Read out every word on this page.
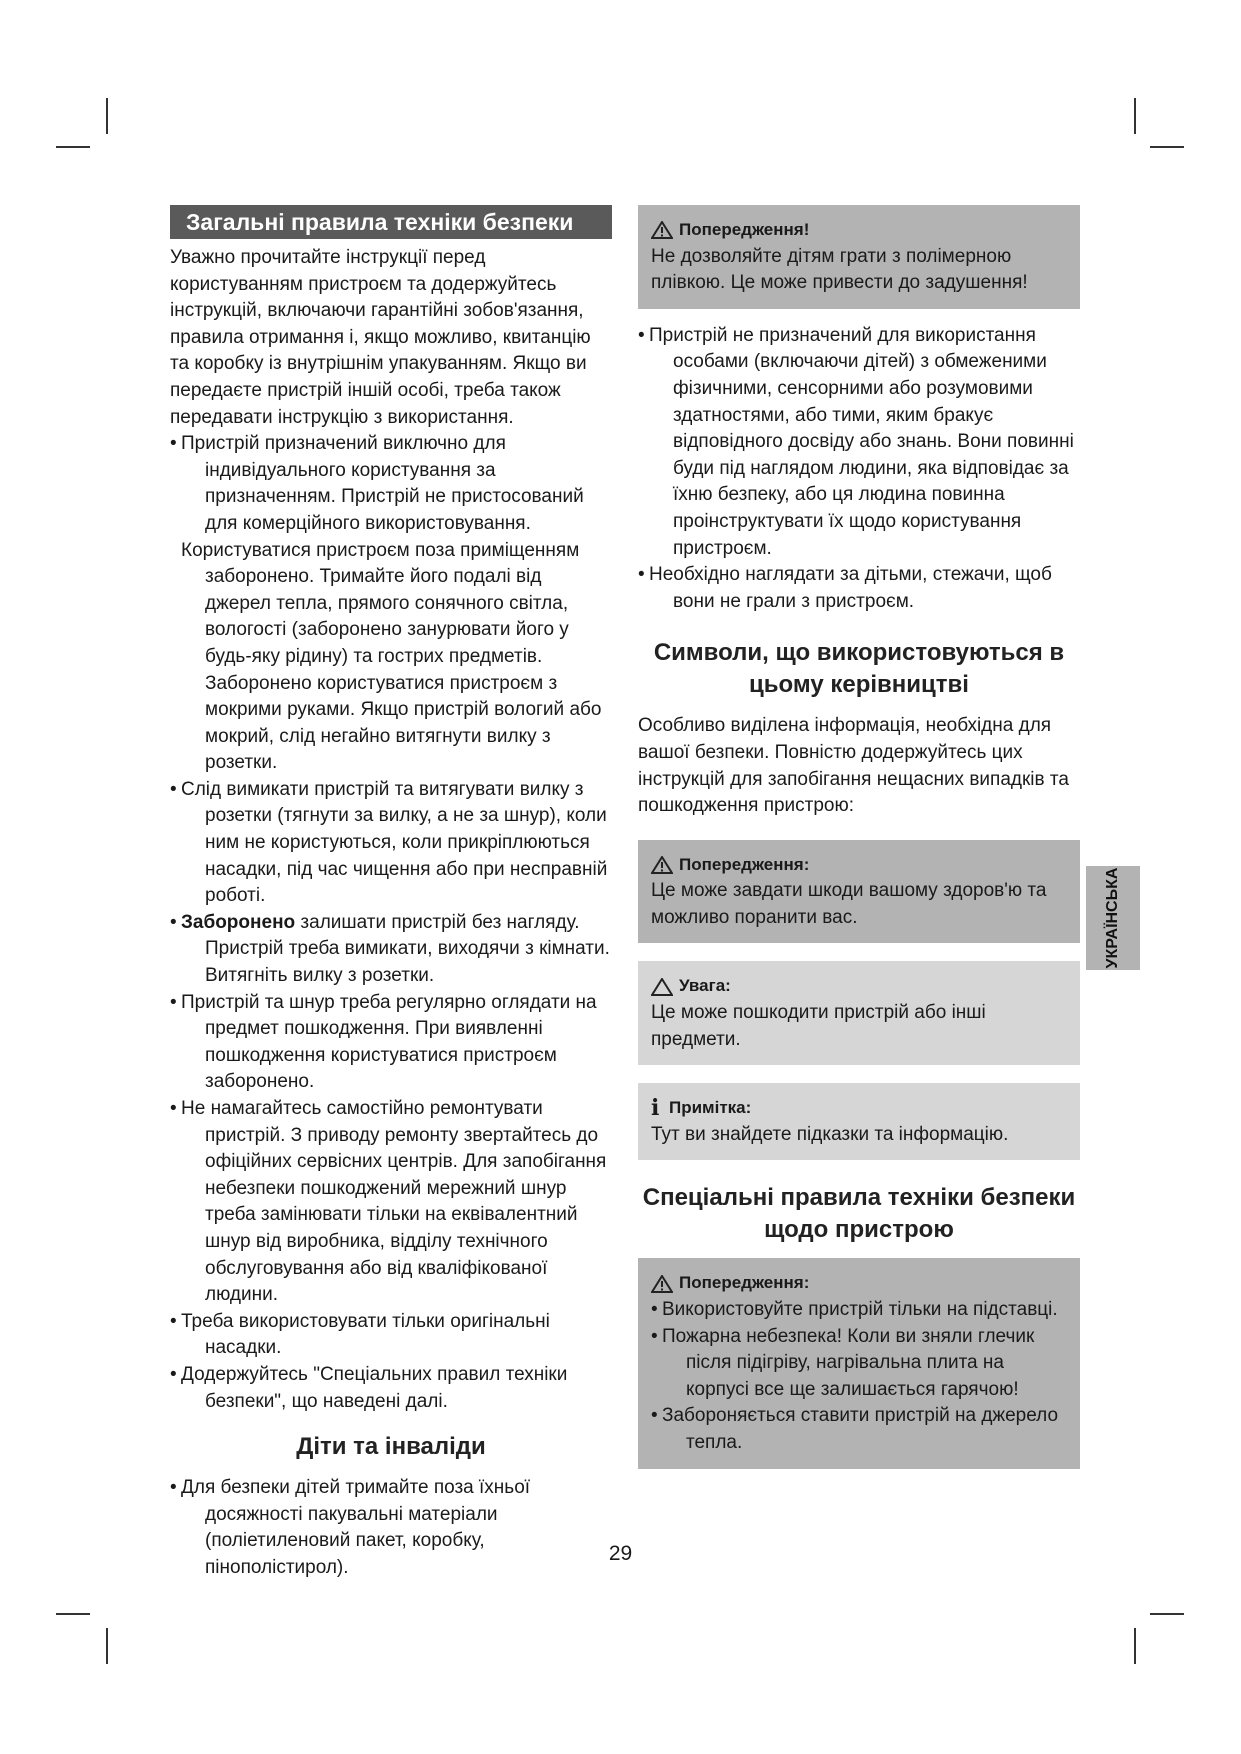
Загальні правила техніки безпеки

Уважно прочитайте інструкції перед користуванням пристроєм та додержуйтесь інструкцій, включаючи гарантійні зобов'язання, правила отримання і, якщо можливо, квитанцію та коробку із внутрішнім упакуванням. Якщо ви передаєте пристрій іншій особі, треба також передавати інструкцію з використання.

• Пристрій призначений виключно для індивідуального користування за призначенням. Пристрій не пристосований для комерційного використовування.
Користуватися пристроєм поза приміщенням заборонено. Тримайте його подалі від джерел тепла, прямого сонячного світла, вологості (заборонено занурювати його у будь-яку рідину) та гострих предметів. Заборонено користуватися пристроєм з мокрими руками. Якщо пристрій вологий або мокрий, слід негайно витягнути вилку з розетки.
• Слід вимикати пристрій та витягувати вилку з розетки (тягнути за вилку, а не за шнур), коли ним не користуються, коли прикріплюються насадки, під час чищення або при несправній роботі.
• Заборонено залишати пристрій без нагляду. Пристрій треба вимикати, виходячи з кімнати. Витягніть вилку з розетки.
• Пристрій та шнур треба регулярно оглядати на предмет пошкодження. При виявленні пошкодження користуватися пристроєм заборонено.
• Не намагайтесь самостійно ремонтувати пристрій. З приводу ремонту звертайтесь до офіційних сервісних центрів. Для запобігання небезпеки пошкоджений мережний шнур треба замінювати тільки на еквівалентний шнур від виробника, відділу технічного обслуговування або від кваліфікованої людини.
• Треба використовувати тільки оригінальні насадки.
• Додержуйтесь "Спеціальних правил техніки безпеки", що наведені далі.
Діти та інваліди
• Для безпеки дітей тримайте поза їхньої досяжності пакувальні матеріали (поліетиленовий пакет, коробку, пінополістирол).
Попередження!

Не дозволяйте дітям грати з полімерною плівкою. Це може привести до задушення!

• Пристрій не призначений для використання особами (включаючи дітей) з обмеженими фізичними, сенсорними або розумовими здатностями, або тими, яким бракує відповідного досвіду або знань. Вони повинні буди під наглядом людини, яка відповідає за їхню безпеку, або ця людина повинна проінструктувати їх щодо користування пристроєм.
• Необхідно наглядати за дітьми, стежачи, щоб вони не грали з пристроєм.
Символи, що використовуються в цьому керівництві

Особливо виділена інформація, необхідна для вашої безпеки. Повністю додержуйтесь цих інструкцій для запобігання нещасних випадків та пошкодження пристрою:

Попередження:

Це може завдати шкоди вашому здоров'ю та можливо поранити вас.

Увага:

Це може пошкодити пристрій або інші предмети.

i Примітка:

Тут ви знайдете підказки та інформацію.

Спеціальні правила техніки безпеки щодо пристрою
Попередження:
• Використовуйте пристрій тільки на підставці.
• Пожарна небезпека! Коли ви зняли глечик після підігріву, нагрівальна плита на корпусі все ще залишається гарячою!
• Забороняється ставити пристрій на джерело тепла.
УКРАЇНСЬКА
29
